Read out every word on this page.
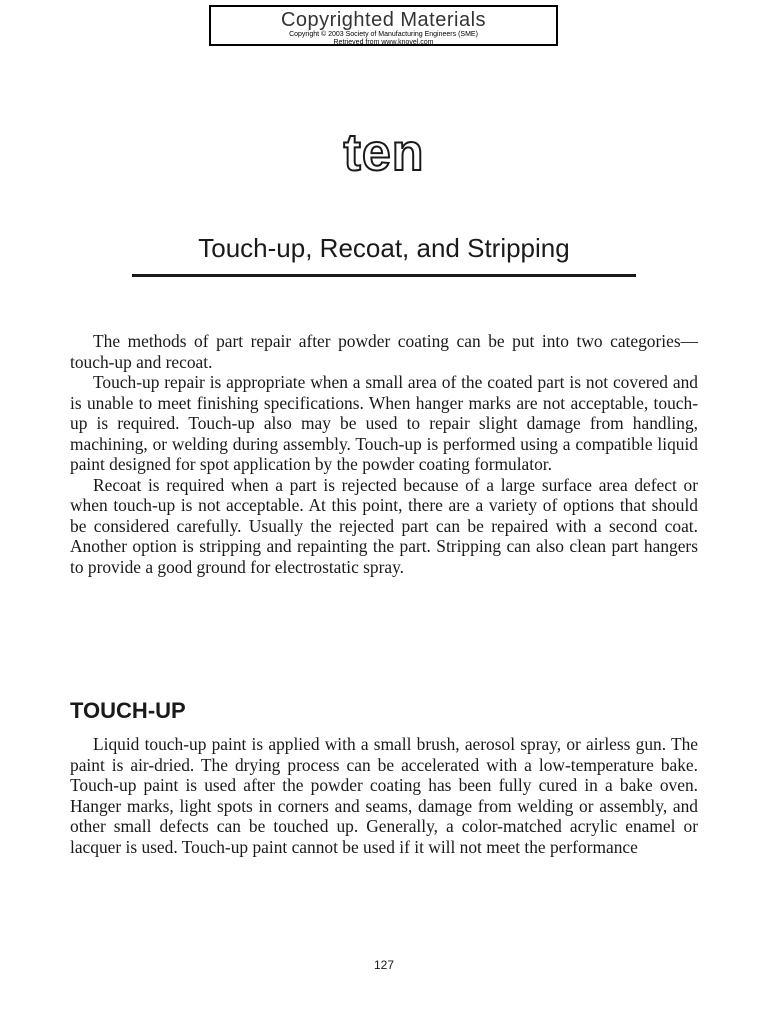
Copyrighted Materials
Copyright © 2003 Society of Manufacturing Engineers (SME)
Retrieved from www.knovel.com
ten
Touch-up, Recoat, and Stripping

The methods of part repair after powder coating can be put into two categories—touch-up and recoat.

Touch-up repair is appropriate when a small area of the coated part is not covered and is unable to meet finishing specifications. When hanger marks are not acceptable, touch-up is required. Touch-up also may be used to repair slight damage from handling, machining, or welding during assembly. Touch-up is performed using a compatible liquid paint designed for spot application by the powder coating formulator.

Recoat is required when a part is rejected because of a large surface area defect or when touch-up is not acceptable. At this point, there are a variety of options that should be considered carefully. Usually the rejected part can be repaired with a second coat. Another option is stripping and repainting the part. Stripping can also clean part hangers to provide a good ground for electrostatic spray.

TOUCH-UP

Liquid touch-up paint is applied with a small brush, aerosol spray, or airless gun. The paint is air-dried. The drying process can be accelerated with a low-temperature bake. Touch-up paint is used after the powder coating has been fully cured in a bake oven. Hanger marks, light spots in corners and seams, damage from welding or assembly, and other small defects can be touched up. Generally, a color-matched acrylic enamel or lacquer is used. Touch-up paint cannot be used if it will not meet the performance

127
